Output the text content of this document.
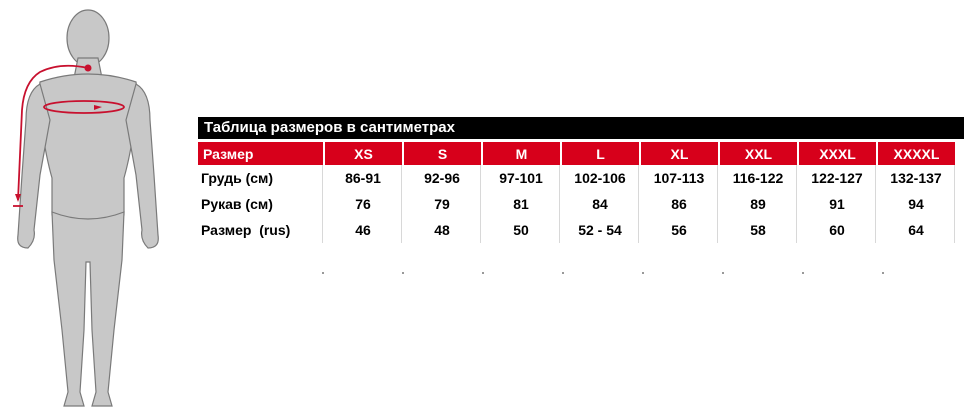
Таблица размеров в сантиметрах
Размер	XS	S	M	L	XL	XXL	XXXL	XXXXL
Грудь (см)	86-91	92-96	97-101	102-106	107-113	116-122	122-127	132-137
Рукав (см)	76	79	81	84	86	89	91	94
Размер  (rus)	46	48	50	52 - 54	56	58	60	64
